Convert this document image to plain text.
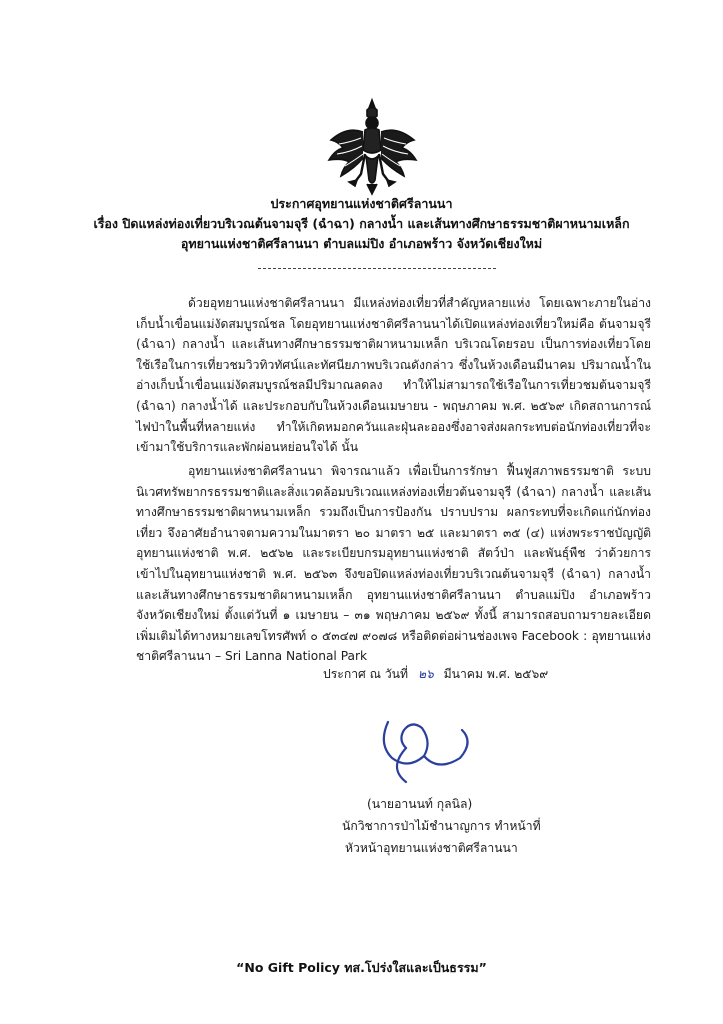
ประกาศอุทยานแห่งชาติศรีลานนา
เรื่อง ปิดแหล่งท่องเที่ยวบริเวณต้นจามจุรี (ฉำฉา) กลางน้ำ และเส้นทางศึกษาธรรมชาติผาหนามเหล็ก
อุทยานแห่งชาติศรีลานนา ตำบลแม่ปิง อำเภอพร้าว จังหวัดเชียงใหม่
ด้วยอุทยานแห่งชาติศรีลานนา มีแหล่งท่องเที่ยวที่สำคัญหลายแห่ง โดยเฉพาะภายในอ่างเก็บน้ำเขื่อนแม่งัดสมบูรณ์ชล โดยอุทยานแห่งชาติศรีลานนาได้เปิดแหล่งท่องเที่ยวใหม่คือ ต้นจามจุรี (ฉำฉา) กลางน้ำ และเส้นทางศึกษาธรรมชาติผาหนามเหล็ก บริเวณโดยรอบ เป็นการท่องเที่ยวโดยใช้เรือในการเที่ยวชมวิวทิวทัศน์และทัศนียภาพบริเวณดังกล่าว ซึ่งในห้วงเดือนมีนาคม ปริมาณน้ำในอ่างเก็บน้ำเขื่อนแม่งัดสมบูรณ์ชลมีปริมาณลดลง ทำให้ไม่สามารถใช้เรือในการเที่ยวชมต้นจามจุรี (ฉำฉา) กลางน้ำได้ และประกอบกับในห้วงเดือนเมษายน - พฤษภาคม พ.ศ. ๒๕๖๙ เกิดสถานการณ์ไฟป่าในพื้นที่หลายแห่ง ทำให้เกิดหมอกควันและฝุ่นละอองซึ่งอาจส่งผลกระทบต่อนักท่องเที่ยวที่จะเข้ามาใช้บริการและพักผ่อนหย่อนใจได้ นั้น
อุทยานแห่งชาติศรีลานนา พิจารณาแล้ว เพื่อเป็นการรักษา ฟื้นฟูสภาพธรรมชาติ ระบบนิเวศทรัพยากรธรรมชาติและสิ่งแวดล้อมบริเวณแหล่งท่องเที่ยวต้นจามจุรี (ฉำฉา) กลางน้ำ และเส้นทางศึกษาธรรมชาติผาหนามเหล็ก รวมถึงเป็นการป้องกัน ปราบปราม ผลกระทบที่จะเกิดแก่นักท่องเที่ยว จึงอาศัยอำนาจตามความในมาตรา ๒๐ มาตรา ๒๕ และมาตรา ๓๕ (๔) แห่งพระราชบัญญัติอุทยานแห่งชาติ พ.ศ. ๒๕๖๒ และระเบียบกรมอุทยานแห่งชาติ สัตว์ป่า และพันธุ์พืช ว่าด้วยการเข้าไปในอุทยานแห่งชาติ พ.ศ. ๒๕๖๓ จึงขอปิดแหล่งท่องเที่ยวบริเวณต้นจามจุรี (ฉำฉา) กลางน้ำ และเส้นทางศึกษาธรรมชาติผาหนามเหล็ก อุทยานแห่งชาติศรีลานนา ตำบลแม่ปิง อำเภอพร้าว จังหวัดเชียงใหม่ ตั้งแต่วันที่ ๑ เมษายน – ๓๑ พฤษภาคม ๒๕๖๙ ทั้งนี้ สามารถสอบถามรายละเอียดเพิ่มเติมได้ทางหมายเลขโทรศัพท์ ๐ ๕๓๔๗ ๙๐๗๘ หรือติดต่อผ่านช่องเพจ Facebook : อุทยานแห่งชาติศรีลานนา – Sri Lanna National Park
ประกาศ ณ วันที่ ๒๖ มีนาคม พ.ศ. ๒๕๖๙
(นายอานนท์ กุลนิล)
นักวิชาการป่าไม้ชำนาญการ ทำหน้าที่
หัวหน้าอุทยานแห่งชาติศรีลานนา
“No Gift Policy ทส.โปร่งใสและเป็นธรรม”
